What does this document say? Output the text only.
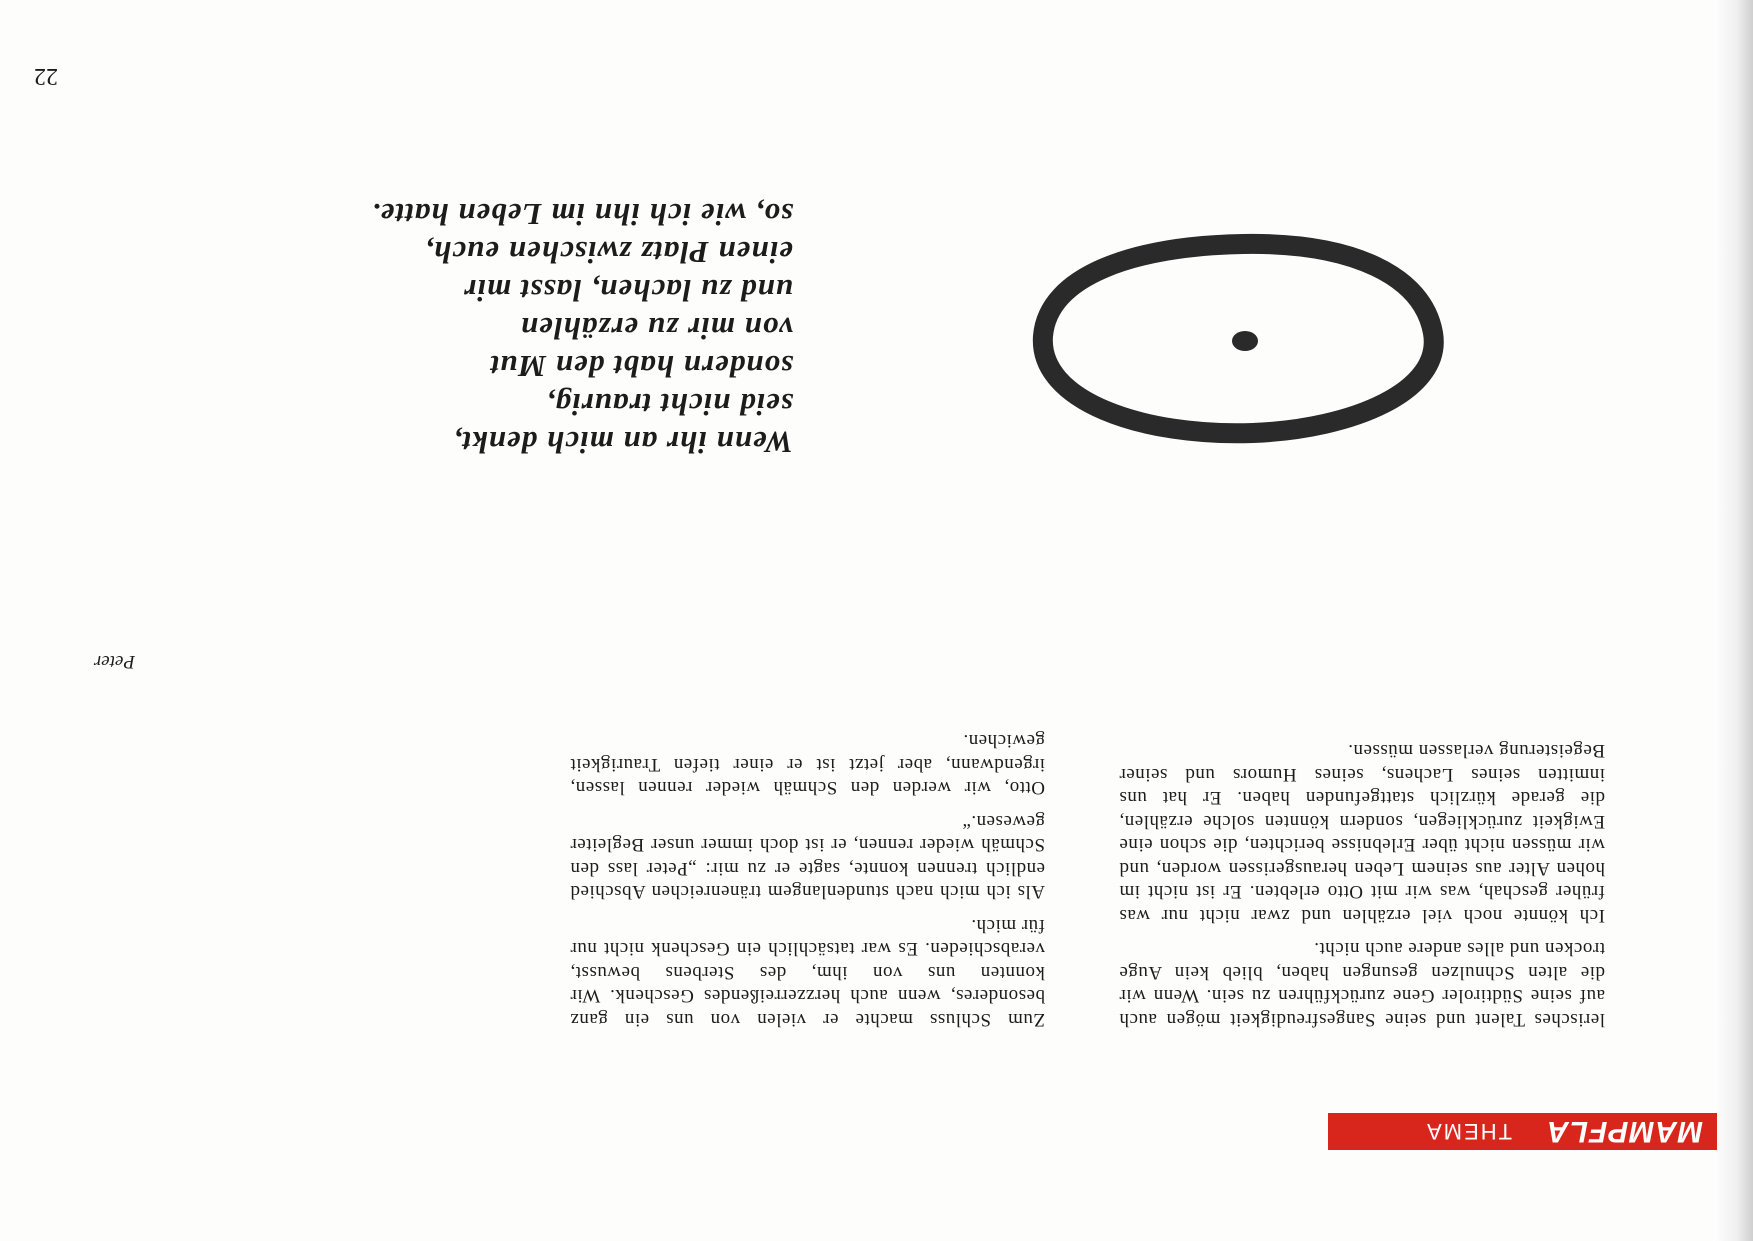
MAMPFLA
THEMA

lerisches Talent und seine Sangesfreudigkeit mögen auch auf seine Südtiroler Gene zurückführen zu sein. Wenn wir die alten Schnulzen gesungen haben, blieb kein Auge trocken und alles andere auch nicht.

Ich könnte noch viel erzählen und zwar nicht nur was früher geschah, was wir mit Otto erlebten. Er ist nicht im hohen Alter aus seinem Leben herausgerissen worden, und wir müssen nicht über Erlebnisse berichten, die schon eine Ewigkeit zurückliegen, sondern könnten solche erzählen, die gerade kürzlich stattgefunden haben. Er hat uns inmitten seines Lachens, seines Humors und seiner Begeisterung verlassen müssen.

Zum Schluss machte er vielen von uns ein ganz besonderes, wenn auch herzzerreißendes Geschenk. Wir konnten uns von ihm, des Sterbens bewusst, verabschieden. Es war tatsächlich ein Geschenk nicht nur für mich.

Als ich mich nach stundenlangem tränenreichen Abschied endlich trennen konnte, sagte er zu mir: „Peter lass den Schmäh wieder rennen, er ist doch immer unser Begleiter gewesen.“

Otto, wir werden den Schmäh wieder rennen lassen, irgendwann, aber jetzt ist er einer tiefen Traurigkeit gewichen.

Peter
Wenn ihr an mich denkt,
seid nicht traurig,
sondern habt den Mut
von mir zu erzählen
und zu lachen, lasst mir
einen Platz zwischen euch,
so, wie ich ihn im Leben hatte.
22
